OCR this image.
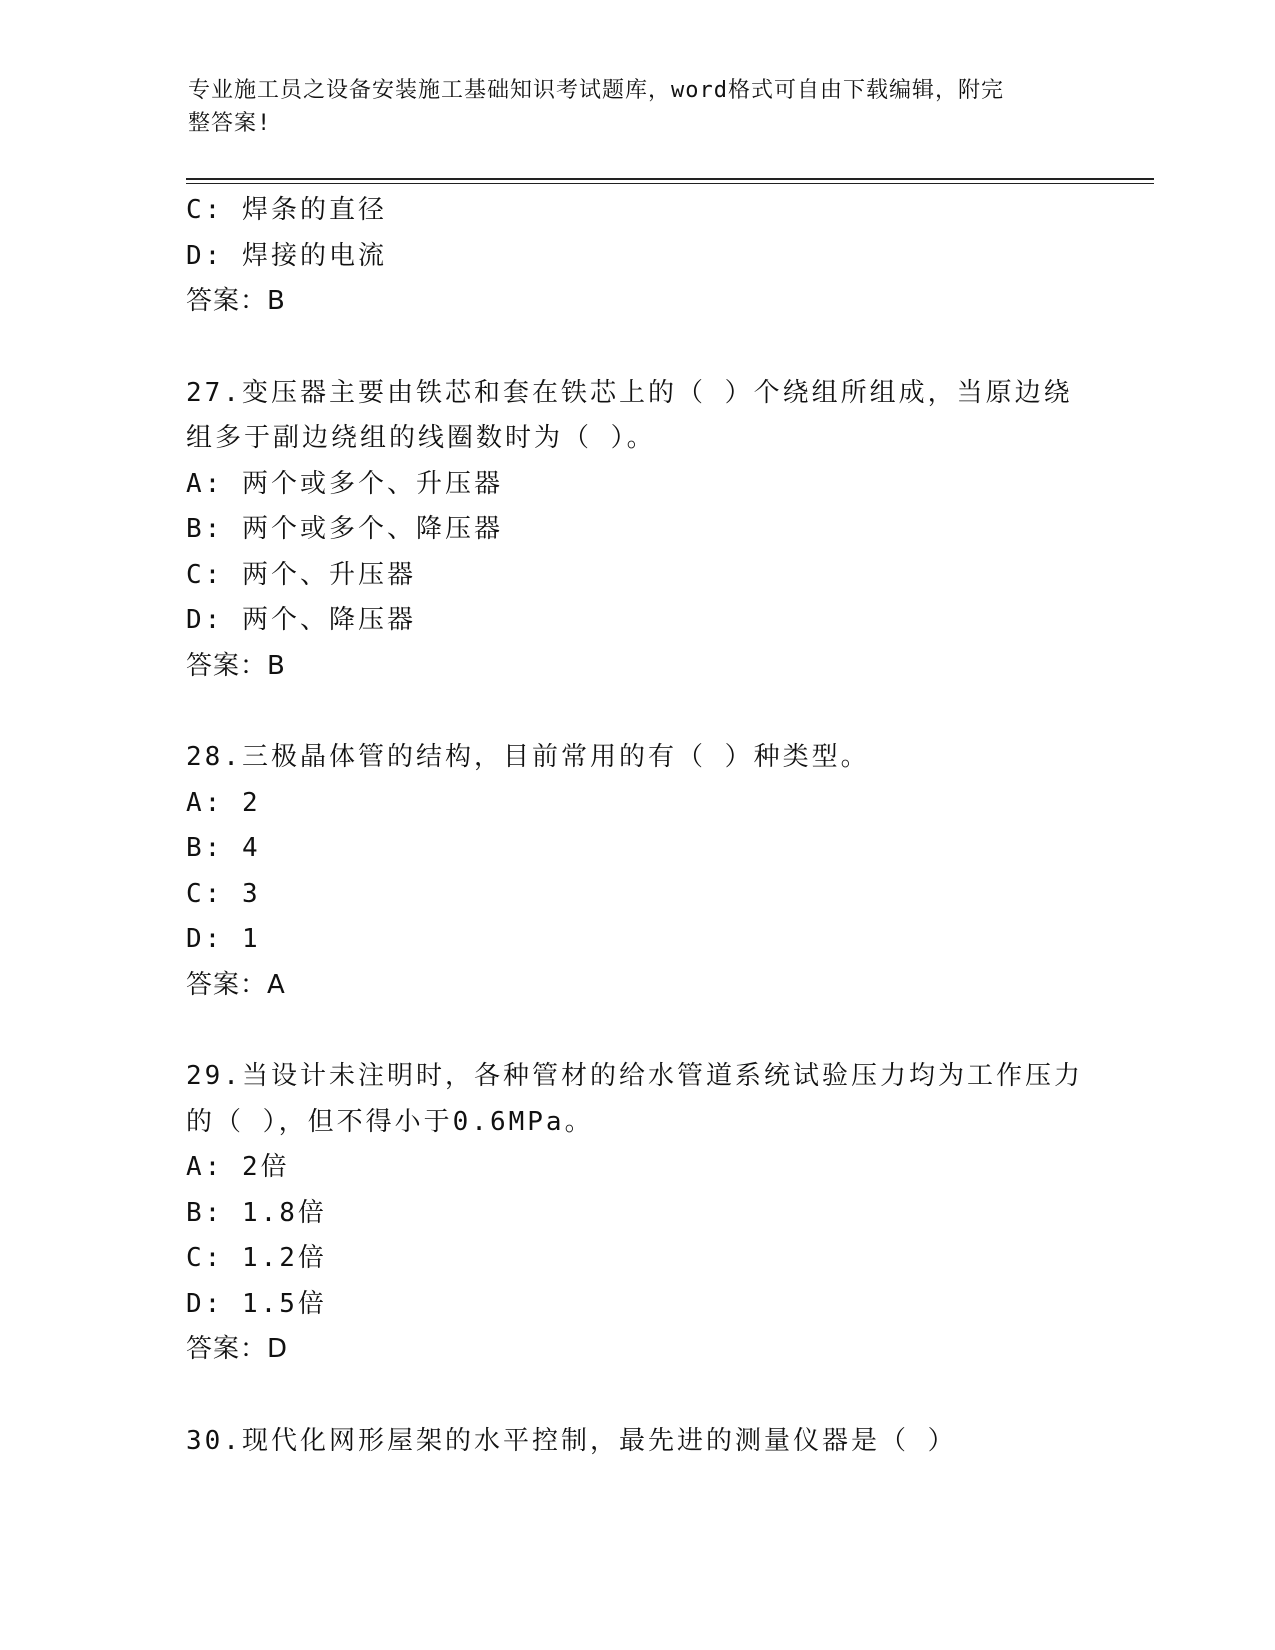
专业施工员之设备安装施工基础知识考试题库，word格式可自由下载编辑，附完
整答案!
C: 焊条的直径
D: 焊接的电流
答案：B
27.变压器主要由铁芯和套在铁芯上的（ ）个绕组所组成，当原边绕
组多于副边绕组的线圈数时为（ ）。
A: 两个或多个、升压器
B: 两个或多个、降压器
C: 两个、升压器
D: 两个、降压器
答案：B
28.三极晶体管的结构，目前常用的有（ ）种类型。
A: 2
B: 4
C: 3
D: 1
答案：A
29.当设计未注明时，各种管材的给水管道系统试验压力均为工作压力
的（ ），但不得小于0.6MPa。
A: 2倍
B: 1.8倍
C: 1.2倍
D: 1.5倍
答案：D
30.现代化网形屋架的水平控制，最先进的测量仪器是（ ）
